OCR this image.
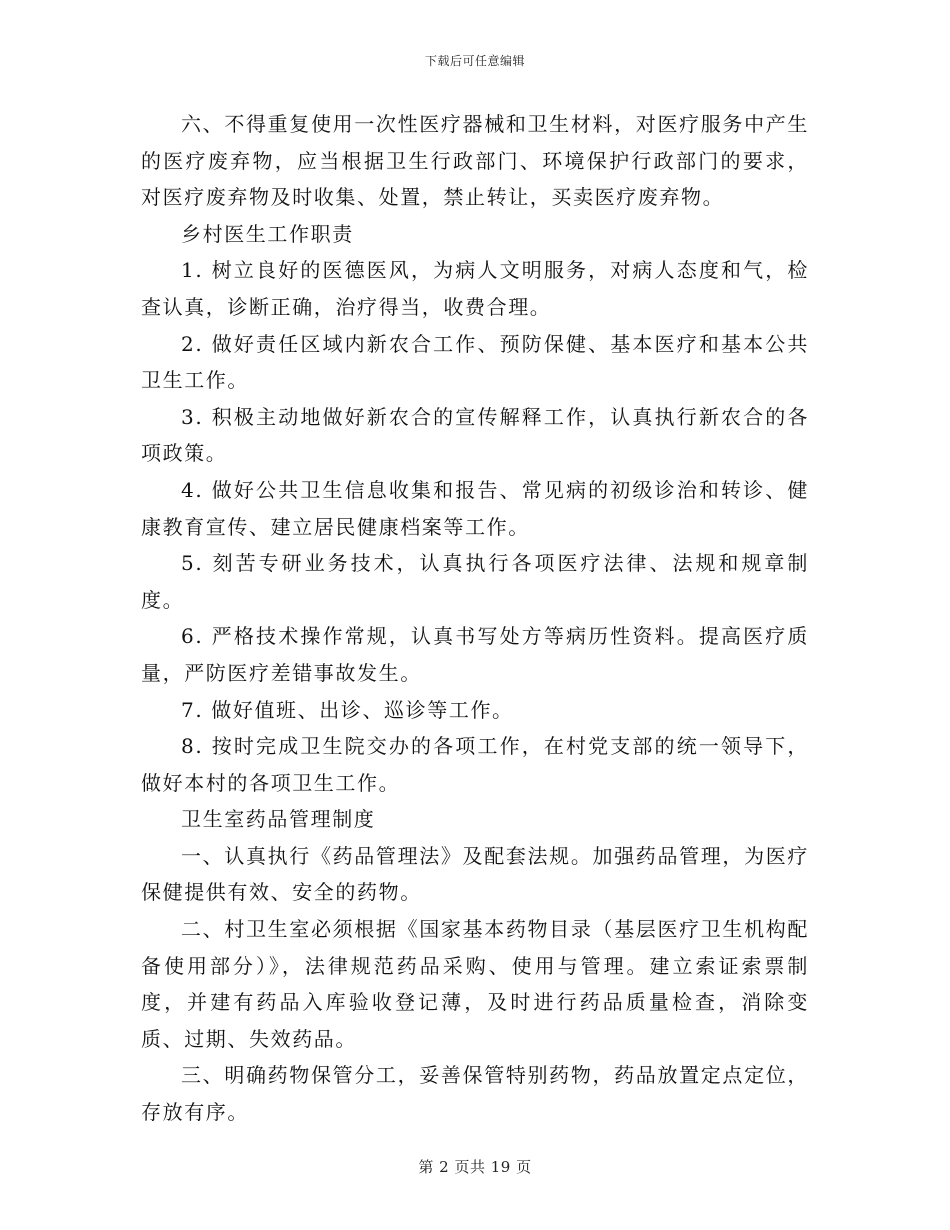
下载后可任意编辑

六、不得重复使用一次性医疗器械和卫生材料，对医疗服务中产生的医疗废弃物，应当根据卫生行政部门、环境保护行政部门的要求，对医疗废弃物及时收集、处置，禁止转让，买卖医疗废弃物。

乡村医生工作职责

1. 树立良好的医德医风，为病人文明服务，对病人态度和气，检查认真，诊断正确，治疗得当，收费合理。

2. 做好责任区域内新农合工作、预防保健、基本医疗和基本公共卫生工作。

3. 积极主动地做好新农合的宣传解释工作，认真执行新农合的各项政策。

4. 做好公共卫生信息收集和报告、常见病的初级诊治和转诊、健康教育宣传、建立居民健康档案等工作。

5. 刻苦专研业务技术，认真执行各项医疗法律、法规和规章制度。

6. 严格技术操作常规，认真书写处方等病历性资料。提高医疗质量，严防医疗差错事故发生。

7. 做好值班、出诊、巡诊等工作。

8. 按时完成卫生院交办的各项工作，在村党支部的统一领导下，做好本村的各项卫生工作。

卫生室药品管理制度

一、认真执行《药品管理法》及配套法规。加强药品管理，为医疗保健提供有效、安全的药物。

二、村卫生室必须根据《国家基本药物目录（基层医疗卫生机构配备使用部分）》，法律规范药品采购、使用与管理。建立索证索票制度，并建有药品入库验收登记薄，及时进行药品质量检查，消除变质、过期、失效药品。

三、明确药物保管分工，妥善保管特别药物，药品放置定点定位，存放有序。

第 2 页共 19 页
